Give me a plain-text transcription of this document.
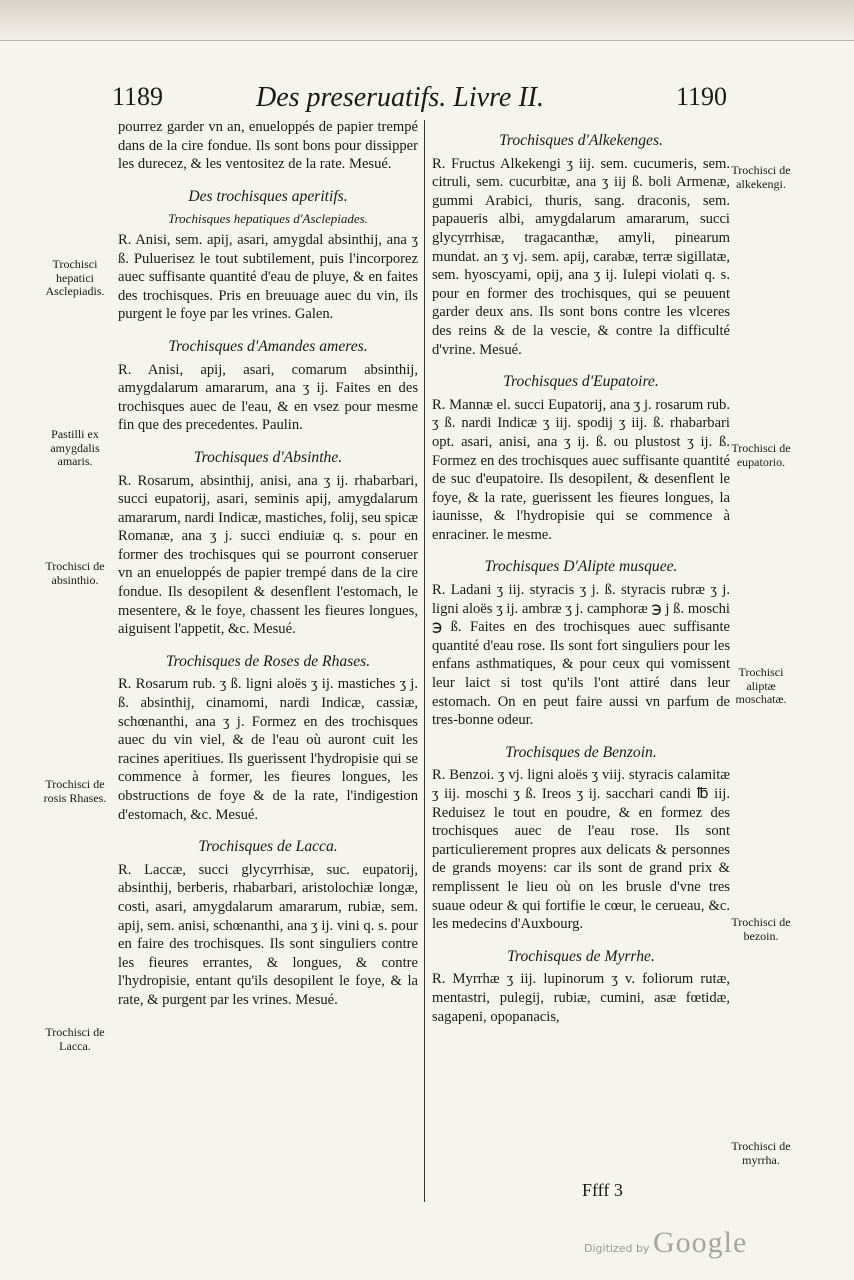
1189	Des preseruatifs. Livre II.	1190

pourrez garder vn an, enueloppés de papier trempé dans de la cire fondue. Ils sont bons pour dissipper les durecez, & les ventositez de la rate. Mesué.

Des trochisques aperitifs.

Trochisques hepatiques d'Asclepiades.

R. Anisi, sem. apij, asari, amygdal absinthij, ana ʒ ß. Puluerisez le tout subtilement, puis l'incorporez auec suffisante quantité d'eau de pluye, & en faites des trochisques. Pris en breuuage auec du vin, ils purgent le foye par les vrines. Galen.

Trochisques d'Amandes ameres.

R. Anisi, apij, asari, comarum absinthij, amygdalarum amararum, ana ʒ ij. Faites en des trochisques auec de l'eau, & en vsez pour mesme fin que des precedentes. Paulin.

Trochisques d'Absinthe.

R. Rosarum, absinthij, anisi, ana ʒ ij. rhabarbari, succi eupatorij, asari, seminis apij, amygdalarum amararum, nardi Indicæ, mastiches, folij, seu spicæ Romanæ, ana ʒ j. succi endiuiæ q. s. pour en former des trochisques qui se pourront conseruer vn an enueloppés de papier trempé dans de la cire fondue. Ils desopilent & desenflent l'estomach, le mesentere, & le foye, chassent les fieures longues, aiguisent l'appetit, &c. Mesué.

Trochisques de Roses de Rhases.

R. Rosarum rub. ʒ ß. ligni aloës ʒ ij. mastiches ʒ j. ß. absinthij, cinamomi, nardi Indicæ, cassiæ, schœnanthi, ana ʒ j. Formez en des trochisques auec du vin viel, & de l'eau où auront cuit les racines aperitiues. Ils guerissent l'hydropisie qui se commence à former, les fieures longues, les obstructions de foye & de la rate, l'indigestion d'estomach, &c. Mesué.

Trochisques de Lacca.

R. Laccæ, succi glycyrrhisæ, suc. eupatorij, absinthij, berberis, rhabarbari, aristolochiæ longæ, costi, asari, amygdalarum amararum, rubiæ, sem. apij, sem. anisi, schœnanthi, ana ʒ ij. vini q. s. pour en faire des trochisques. Ils sont singuliers contre les fieures errantes, & longues, & contre l'hydropisie, entant qu'ils desopilent le foye, & la rate, & purgent par les vrines. Mesué.

Trochisques d'Alkekenges.

R. Fructus Alkekengi ʒ iij. sem. cucumeris, sem. citruli, sem. cucurbitæ, ana ʒ iij ß. boli Armenæ, gummi Arabici, thuris, sang. draconis, sem. papaueris albi, amygdalarum amararum, succi glycyrrhisæ, tragacanthæ, amyli, pinearum mundat. an ʒ vj. sem. apij, carabæ, terræ sigillatæ, sem. hyoscyami, opij, ana ʒ ij. Iulepi violati q. s. pour en former des trochisques, qui se peuuent garder deux ans. Ils sont bons contre les vlceres des reins & de la vescie, & contre la difficulté d'vrine. Mesué.

Trochisques d'Eupatoire.

R. Mannæ el. succi Eupatorij, ana ʒ j. rosarum rub. ʒ ß. nardi Indicæ ʒ iij. spodij ʒ iij. ß. rhabarbari opt. asari, anisi, ana ʒ ij. ß. ou plustost ʒ ij. ß. Formez en des trochisques auec suffisante quantité de suc d'eupatoire. Ils desopilent, & desenflent le foye, & la rate, guerissent les fieures longues, la iaunisse, & l'hydropisie qui se commence à enraciner. le mesme.

Trochisques D'Alipte musquee.

R. Ladani ʒ iij. styracis ʒ j. ß. styracis rubræ ʒ j. ligni aloës ʒ ij. ambræ ʒ j. camphoræ ℈ j ß. moschi ℈ ß. Faites en des trochisques auec suffisante quantité d'eau rose. Ils sont fort singuliers pour les enfans asthmatiques, & pour ceux qui vomissent leur laict si tost qu'ils l'ont attiré dans leur estomach. On en peut faire aussi vn parfum de tres-bonne odeur.

Trochisques de Benzoin.

R. Benzoi. ʒ vj. ligni aloës ʒ viij. styracis calamitæ ʒ iij. moschi ʒ ß. Ireos ʒ ij. sacchari candi ℔ iij. Reduisez le tout en poudre, & en formez des trochisques auec de l'eau rose. Ils sont particulierement propres aux delicats & personnes de grands moyens: car ils sont de grand prix & remplissent le lieu où on les brusle d'vne tres suaue odeur & qui fortifie le cœur, le cerueau, &c. les medecins d'Auxbourg.

Trochisques de Myrrhe.

R. Myrrhæ ʒ iij. lupinorum ʒ v. foliorum rutæ, mentastri, pulegij, rubiæ, cumini, asæ fœtidæ, sagapeni, opopanacis,

Trochisci hepatici Asclepiadis.
Pastilli ex amygdalis amaris.
Trochisci de absinthio.
Trochisci de rosis Rhases.
Trochisci de Lacca.
Trochisci de alkekengi.
Trochisci de eupatorio.
Trochisci aliptæ moschatæ.
Trochisci de bezoin.
Trochisci de myrrha.
Ffff 3
Digitized by Google
